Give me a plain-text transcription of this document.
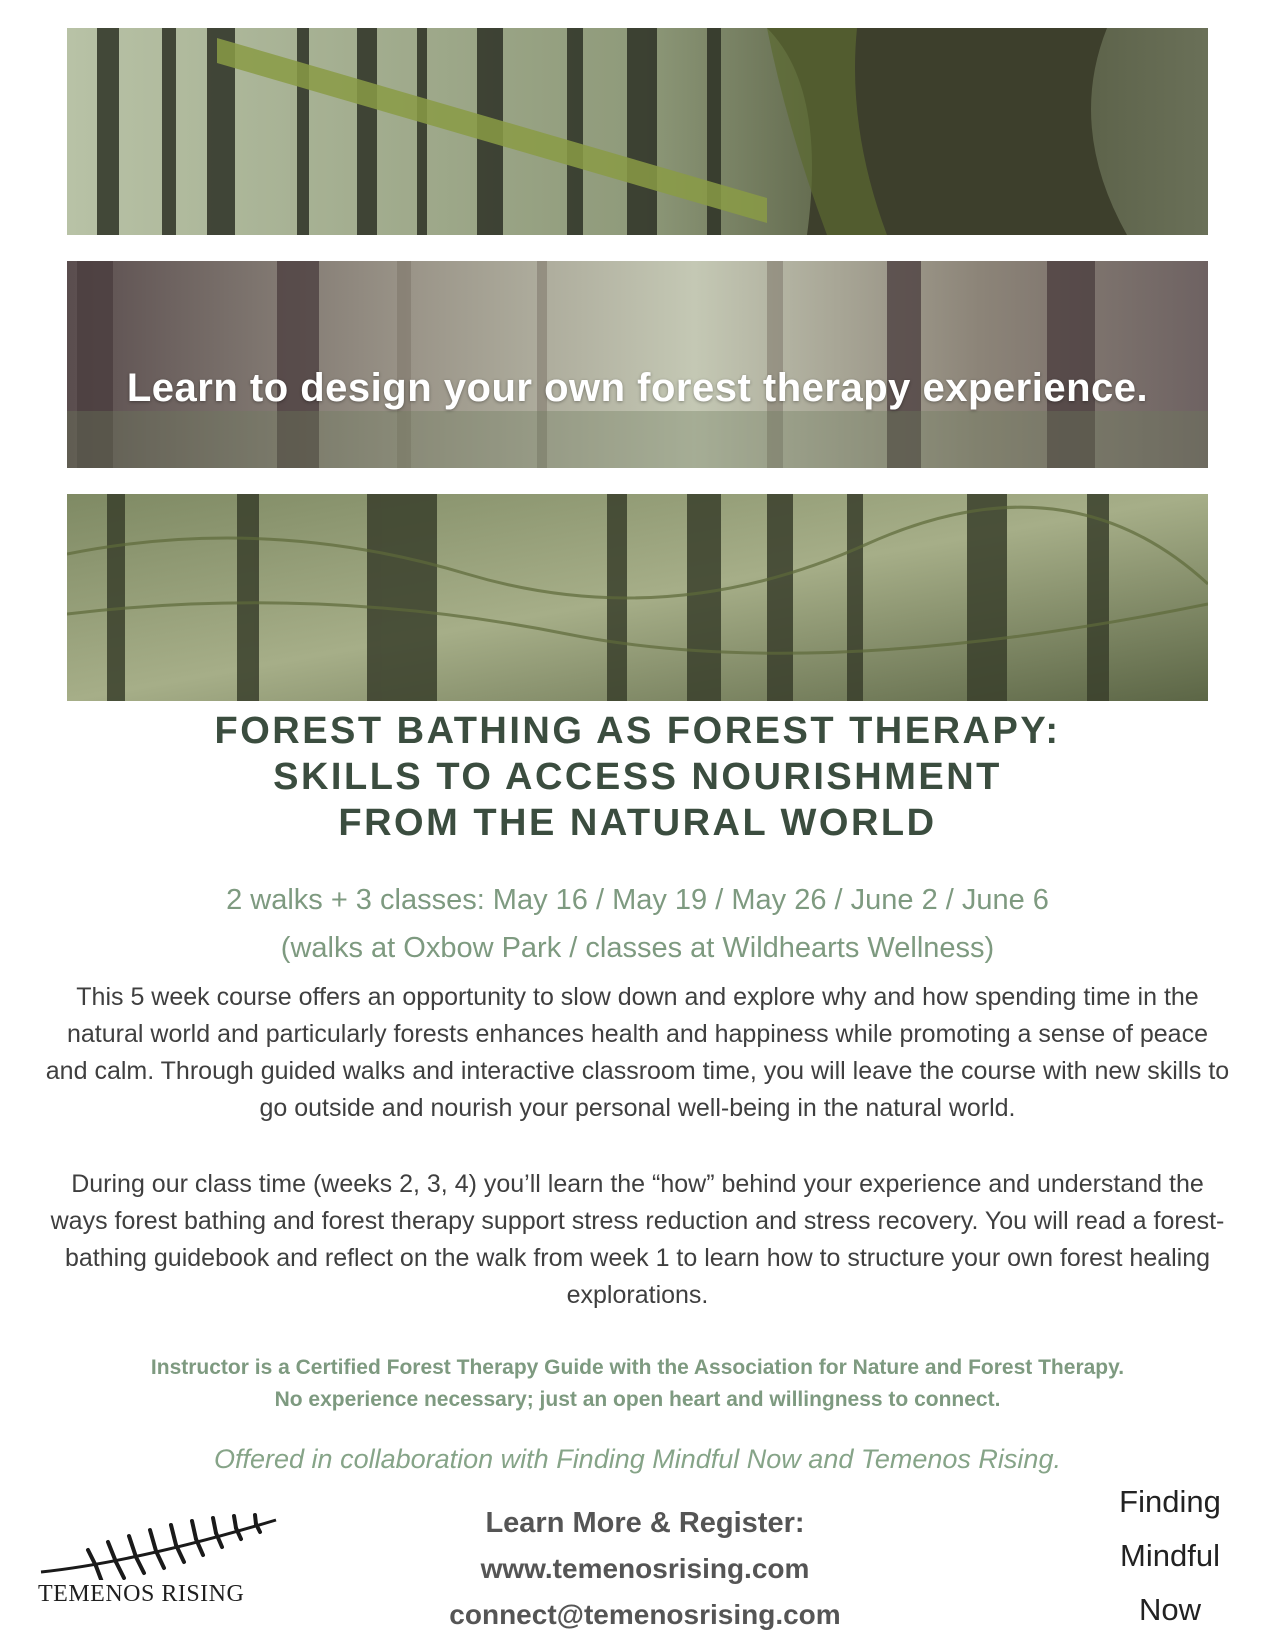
Learn to design your own forest therapy experience.
FOREST BATHING AS FOREST THERAPY:
SKILLS TO ACCESS NOURISHMENT
FROM THE NATURAL WORLD
2 walks + 3 classes: May 16 / May 19 / May 26 / June 2 / June 6
(walks at Oxbow Park / classes at Wildhearts Wellness)
This 5 week course offers an opportunity to slow down and explore why and how spending time in the natural world and particularly forests enhances health and happiness while promoting a sense of peace and calm. Through guided walks and interactive classroom time, you will leave the course with new skills to go outside and nourish your personal well-being in the natural world.
During our class time (weeks 2, 3, 4) you’ll learn the “how” behind your experience and understand the ways forest bathing and forest therapy support stress reduction and stress recovery. You will read a forest-bathing guidebook and reflect on the walk from week 1 to learn how to structure your own forest healing explorations.
Instructor is a Certified Forest Therapy Guide with the Association for Nature and Forest Therapy.
No experience necessary; just an open heart and willingness to connect.
Offered in collaboration with Finding Mindful Now and Temenos Rising.
Learn More & Register:
www.temenosrising.com
connect@temenosrising.com
TEMENOS RISING
Finding
Mindful
Now
